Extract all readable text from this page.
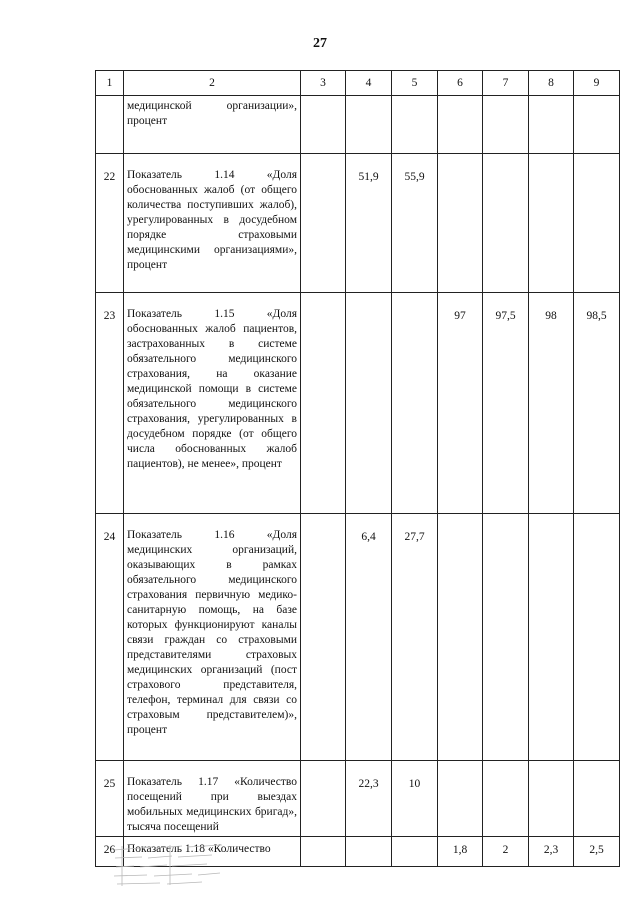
27
1	2	3	4	5	6	7	8	9
	медицинской организации», процент							
22	Показатель 1.14 «Доля обоснованных жалоб (от общего количества поступивших жалоб), урегулированных в досудебном порядке страховыми медицинскими организациями», процент		51,9	55,9				
23	Показатель 1.15 «Доля обоснованных жалоб пациентов, застрахованных в системе обязательного медицинского страхования, на оказание медицинской помощи в системе обязательного медицинского страхования, урегулированных в досудебном порядке (от общего числа обоснованных жалоб пациентов), не менее», процент				97	97,5	98	98,5
24	Показатель 1.16 «Доля медицинских организаций, оказывающих в рамках обязательного медицинского страхования первичную медико-санитарную помощь, на базе которых функционируют каналы связи граждан со страховыми представителями страховых медицинских организаций (пост страхового представителя, телефон, терминал для связи со страховым представителем)», процент		6,4	27,7				
25	Показатель 1.17 «Количество посещений при выездах мобильных медицинских бригад», тысяча посещений		22,3	10				
26	Показатель 1.18 «Количество				1,8	2	2,3	2,5
